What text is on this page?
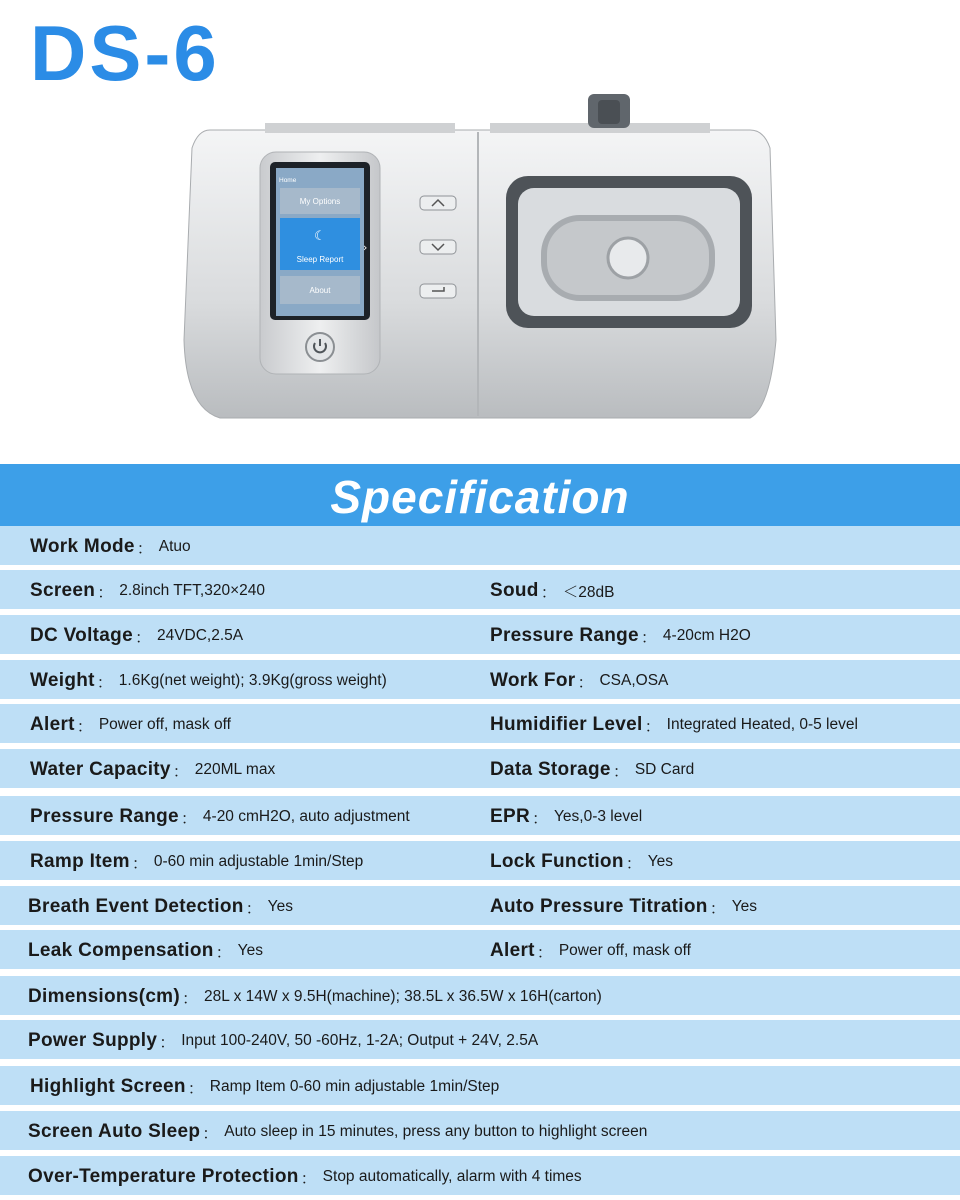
DS-6
Home
My Options
☾
Sleep Report
›
About
Specification
Work Mode ： Atuo
Screen ： 2.8inch TFT,320×240	Soud ： ＜28dB
DC Voltage ： 24VDC,2.5A	Pressure Range ： 4-20cm H2O
Weight ： 1.6Kg(net weight); 3.9Kg(gross weight)	Work For ： CSA,OSA
Alert ： Power off, mask off	Humidifier Level ： Integrated Heated, 0-5 level
Water Capacity ： 220ML max	Data Storage ： SD Card
Pressure Range ： 4-20 cmH2O, auto adjustment	EPR ： Yes,0-3 level
Ramp Item ： 0-60 min adjustable 1min/Step	Lock Function ： Yes
Breath Event Detection ： Yes	Auto Pressure Titration ： Yes
Leak Compensation ： Yes	Alert ： Power off, mask off
Dimensions(cm) ： 28L x 14W x 9.5H(machine); 38.5L x 36.5W x 16H(carton)
Power Supply ： Input 100-240V, 50 -60Hz, 1-2A; Output + 24V, 2.5A
Highlight Screen ： Ramp Item 0-60 min adjustable 1min/Step
Screen Auto Sleep ： Auto sleep in 15 minutes, press any button to highlight screen
Over-Temperature Protection ： Stop automatically, alarm with 4 times
